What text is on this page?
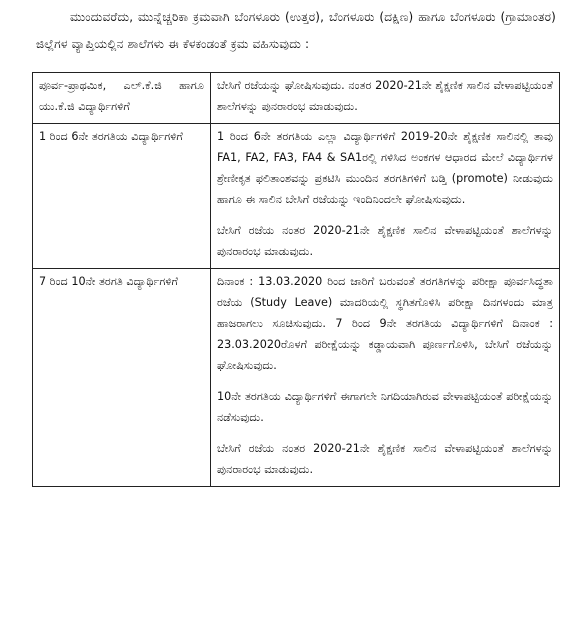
ಮುಂದುವರೆದು, ಮುನ್ನೆಚ್ಚರಿಕಾ ಕ್ರಮವಾಗಿ ಬೆಂಗಳೂರು (ಉತ್ತರ), ಬೆಂಗಳೂರು (ದಕ್ಷಿಣ) ಹಾಗೂ ಬೆಂಗಳೂರು (ಗ್ರಾಮಾಂತರ) ಜಿಲ್ಲೆಗಳ ವ್ಯಾಪ್ತಿಯಲ್ಲಿನ ಶಾಲೆಗಳು ಈ ಕೆಳಕಂಡಂತೆ ಕ್ರಮ ವಹಿಸುವುದು :
ಪೂರ್ವ-ಪ್ರಾಥಮಿಕ, ಎಲ್.ಕೆ.ಜಿ ಹಾಗೂ ಯು.ಕೆ.ಜಿ ವಿದ್ಯಾರ್ಥಿಗಳಿಗೆ	ಬೇಸಿಗೆ ರಜೆಯನ್ನು ಘೋಷಿಸುವುದು. ನಂತರ 2020-21ನೇ ಶೈಕ್ಷಣಿಕ ಸಾಲಿನ ವೇಳಾಪಟ್ಟಿಯಂತೆ ಶಾಲೆಗಳನ್ನು ಪುನರಾರಂಭ ಮಾಡುವುದು.

1 ರಿಂದ 6ನೇ ತರಗತಿಯ ವಿದ್ಯಾರ್ಥಿಗಳಿಗೆ	1 ರಿಂದ 6ನೇ ತರಗತಿಯ ಎಲ್ಲಾ ವಿದ್ಯಾರ್ಥಿಗಳಿಗೆ 2019-20ನೇ ಶೈಕ್ಷಣಿಕ ಸಾಲಿನಲ್ಲಿ ತಾವು FA1, FA2, FA3, FA4 & SA1ರಲ್ಲಿ ಗಳಿಸಿದ ಅಂಕಗಳ ಆಧಾರದ ಮೇಲೆ ವಿದ್ಯಾರ್ಥಿಗಳ ಶ್ರೇಣೀಕೃತ ಫಲಿತಾಂಶವನ್ನು ಪ್ರಕಟಿಸಿ ಮುಂದಿನ ತರಗತಿಗಳಿಗೆ ಬಡ್ತಿ (promote) ನೀಡುವುದು ಹಾಗೂ ಈ ಸಾಲಿನ ಬೇಸಿಗೆ ರಜೆಯನ್ನು ಇಂದಿನಿಂದಲೇ ಘೋಷಿಸುವುದು.

ಬೇಸಿಗೆ ರಜೆಯ ನಂತರ 2020-21ನೇ ಶೈಕ್ಷಣಿಕ ಸಾಲಿನ ವೇಳಾಪಟ್ಟಿಯಂತೆ ಶಾಲೆಗಳನ್ನು ಪುನರಾರಂಭ ಮಾಡುವುದು.

7 ರಿಂದ 10ನೇ ತರಗತಿ ವಿದ್ಯಾರ್ಥಿಗಳಿಗೆ	ದಿನಾಂಕ : 13.03.2020 ರಿಂದ ಜಾರಿಗೆ ಬರುವಂತೆ ತರಗತಿಗಳನ್ನು ಪರೀಕ್ಷಾ ಪೂರ್ವಸಿದ್ಧತಾ ರಜೆಯ (Study Leave) ಮಾದರಿಯಲ್ಲಿ ಸ್ಥಗಿತಗೊಳಿಸಿ ಪರೀಕ್ಷಾ ದಿನಗಳಂದು ಮಾತ್ರ ಹಾಜರಾಗಲು ಸೂಚಿಸುವುದು. 7 ರಿಂದ 9ನೇ ತರಗತಿಯ ವಿದ್ಯಾರ್ಥಿಗಳಿಗೆ ದಿನಾಂಕ : 23.03.2020ರೊಳಗೆ ಪರೀಕ್ಷೆಯನ್ನು ಕಡ್ಡಾಯವಾಗಿ ಪೂರ್ಣಗೊಳಿಸಿ, ಬೇಸಿಗೆ ರಜೆಯನ್ನು ಘೋಷಿಸುವುದು.

10ನೇ ತರಗತಿಯ ವಿದ್ಯಾರ್ಥಿಗಳಿಗೆ ಈಗಾಗಲೇ ನಿಗದಿಯಾಗಿರುವ ವೇಳಾಪಟ್ಟಿಯಂತೆ ಪರೀಕ್ಷೆಯನ್ನು ನಡೆಸುವುದು.

ಬೇಸಿಗೆ ರಜೆಯ ನಂತರ 2020-21ನೇ ಶೈಕ್ಷಣಿಕ ಸಾಲಿನ ವೇಳಾಪಟ್ಟಿಯಂತೆ ಶಾಲೆಗಳನ್ನು ಪುನರಾರಂಭ ಮಾಡುವುದು.
